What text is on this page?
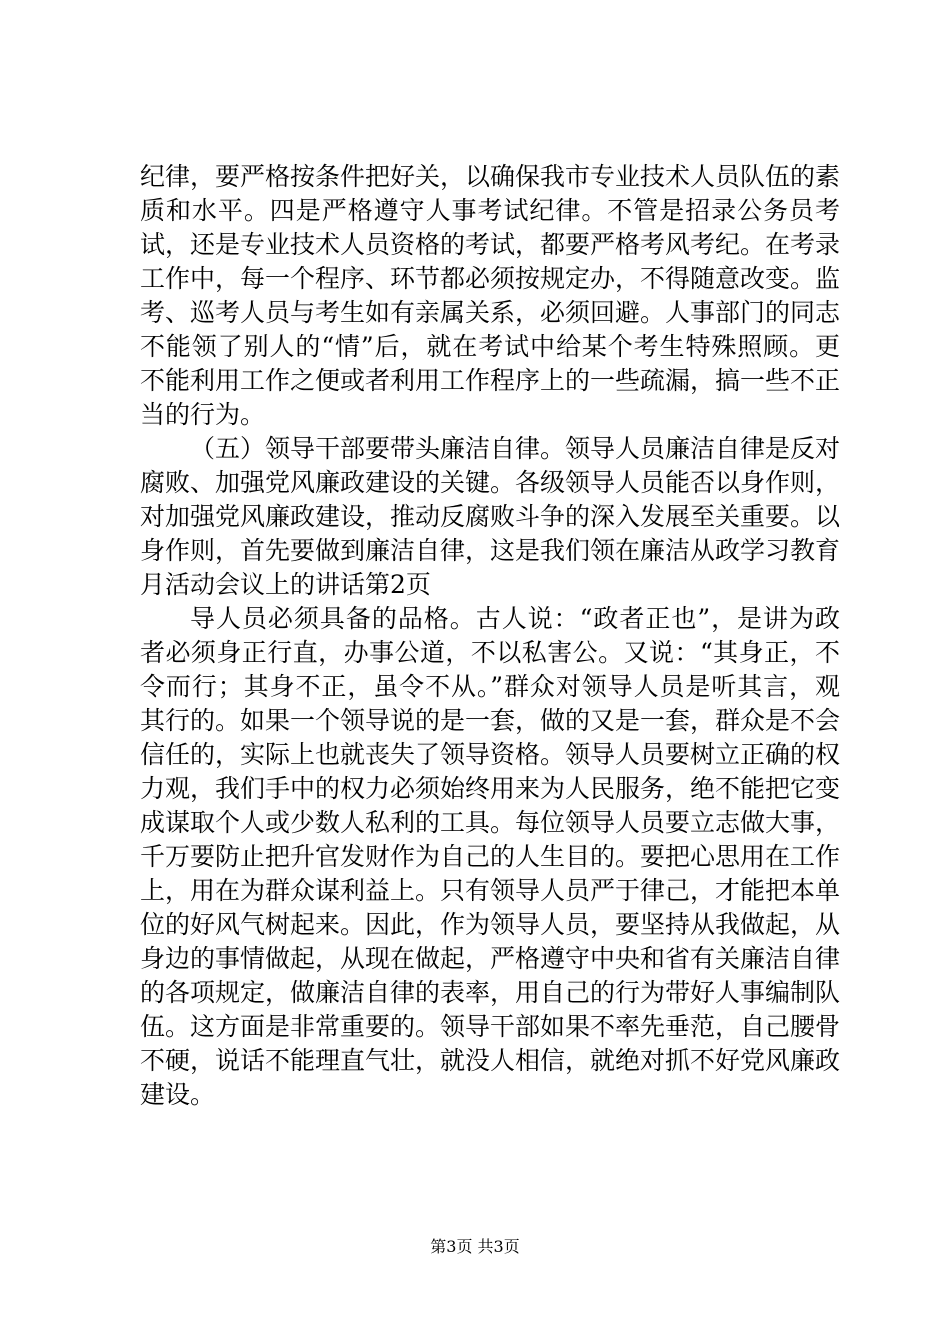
纪律，要严格按条件把好关，以确保我市专业技术人员队伍的素质和水平。四是严格遵守人事考试纪律。不管是招录公务员考试，还是专业技术人员资格的考试，都要严格考风考纪。在考录工作中，每一个程序、环节都必须按规定办，不得随意改变。监考、巡考人员与考生如有亲属关系，必须回避。人事部门的同志不能领了别人的“情”后，就在考试中给某个考生特殊照顾。更不能利用工作之便或者利用工作程序上的一些疏漏，搞一些不正当的行为。

（五）领导干部要带头廉洁自律。领导人员廉洁自律是反对腐败、加强党风廉政建设的关键。各级领导人员能否以身作则，对加强党风廉政建设，推动反腐败斗争的深入发展至关重要。以身作则，首先要做到廉洁自律，这是我们领在廉洁从政学习教育月活动会议上的讲话第2页

导人员必须具备的品格。古人说：“政者正也”，是讲为政者必须身正行直，办事公道，不以私害公。又说：“其身正，不令而行；其身不正，虽令不从。”群众对领导人员是听其言，观其行的。如果一个领导说的是一套，做的又是一套，群众是不会信任的，实际上也就丧失了领导资格。领导人员要树立正确的权力观，我们手中的权力必须始终用来为人民服务，绝不能把它变成谋取个人或少数人私利的工具。每位领导人员要立志做大事，千万要防止把升官发财作为自己的人生目的。要把心思用在工作上，用在为群众谋利益上。只有领导人员严于律己，才能把本单位的好风气树起来。因此，作为领导人员，要坚持从我做起，从身边的事情做起，从现在做起，严格遵守中央和省有关廉洁自律的各项规定，做廉洁自律的表率，用自己的行为带好人事编制队伍。这方面是非常重要的。领导干部如果不率先垂范，自己腰骨不硬，说话不能理直气壮，就没人相信，就绝对抓不好党风廉政建设。

第3页 共3页
